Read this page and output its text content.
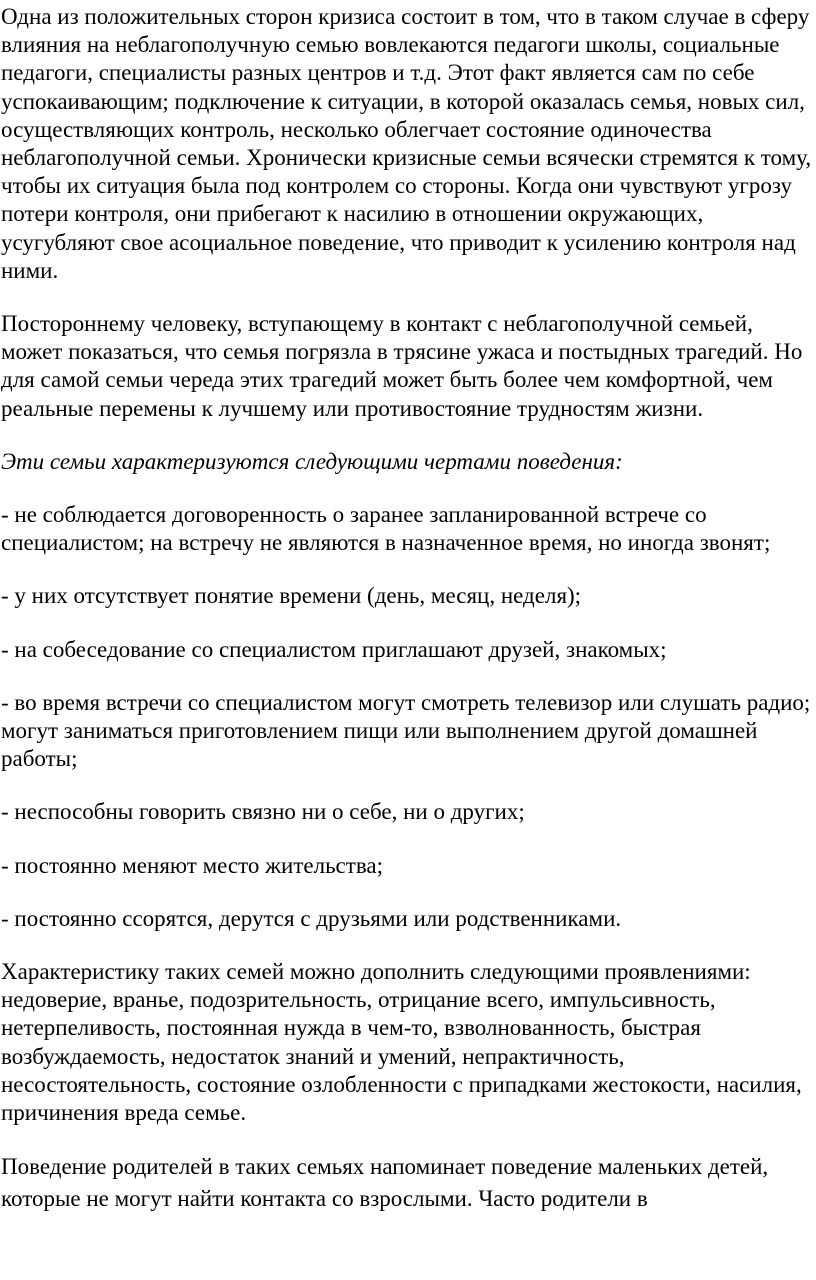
Одна из положительных сторон кризиса состоит в том, что в таком случае в сферу влияния на неблагополучную семью вовлекаются педагоги школы, социальные педагоги, специалисты разных центров и т.д. Этот факт является сам по себе успокаивающим; подключение к ситуации, в которой оказалась семья, новых сил, осуществляющих контроль, несколько облегчает состояние одиночества неблагополучной семьи. Хронически кризисные семьи всячески стремятся к тому, чтобы их ситуация была под контролем со стороны. Когда они чувствуют угрозу потери контроля, они прибегают к насилию в отношении окружающих, усугубляют свое асоциальное поведение, что приводит к усилению контроля над ними.

Постороннему человеку, вступающему в контакт с неблагополучной семьей, может показаться, что семья погрязла в трясине ужаса и постыдных трагедий. Но для самой семьи череда этих трагедий может быть более чем комфортной, чем реальные перемены к лучшему или противостояние трудностям жизни.

Эти семьи характеризуются следующими чертами поведения:

- не соблюдается договоренность о заранее запланированной встрече со специалистом; на встречу не являются в назначенное время, но иногда звонят;

- у них отсутствует понятие времени (день, месяц, неделя);

- на собеседование со специалистом приглашают друзей, знакомых;

- во время встречи со специалистом могут смотреть телевизор или слушать радио; могут заниматься приготовлением пищи или выполнением другой домашней работы;

- неспособны говорить связно ни о себе, ни о других;

- постоянно меняют место жительства;

- постоянно ссорятся, дерутся с друзьями или родственниками.

Характеристику таких семей можно дополнить следующими проявлениями: недоверие, вранье, подозрительность, отрицание всего, импульсивность, нетерпеливость, постоянная нужда в чем-то, взволнованность, быстрая возбуждаемость, недостаток знаний и умений, непрактичность, несостоятельность, состояние озлобленности с припадками жестокости, насилия, причинения вреда семье.

Поведение родителей в таких семьях напоминает поведение маленьких детей, которые не могут найти контакта со взрослыми. Часто родители в
